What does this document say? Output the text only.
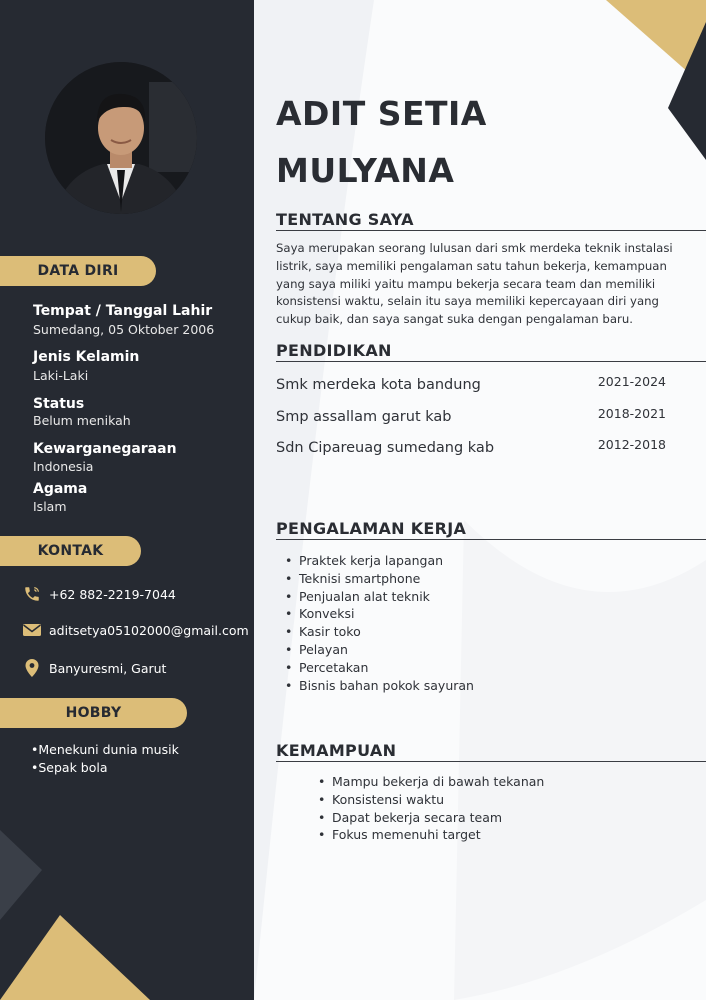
DATA DIRI
Tempat / Tanggal Lahir
Sumedang, 05 Oktober 2006
Jenis Kelamin
Laki-Laki
Status
Belum menikah
Kewarganegaraan
Indonesia
Agama
Islam
KONTAK
+62 882-2219-7044
aditsetya05102000@gmail.com
Banyuresmi, Garut
HOBBY
•Menekuni dunia musik
•Sepak bola
ADIT SETIA
MULYANA
TENTANG SAYA
Saya merupakan seorang lulusan dari smk merdeka teknik instalasi listrik, saya memiliki pengalaman satu tahun bekerja, kemampuan yang saya miliki yaitu mampu bekerja secara team dan memiliki konsistensi waktu, selain itu saya memiliki kepercayaan diri yang cukup baik, dan saya sangat suka dengan pengalaman baru.
PENDIDIKAN
Smk merdeka kota bandung	2021-2024
Smp assallam garut kab	2018-2021
Sdn Cipareuag sumedang kab	2012-2018
PENGALAMAN KERJA
• Praktek kerja lapangan
• Teknisi smartphone
• Penjualan alat teknik
• Konveksi
• Kasir toko
• Pelayan
• Percetakan
• Bisnis bahan pokok sayuran
KEMAMPUAN
• Mampu bekerja di bawah tekanan
• Konsistensi waktu
• Dapat bekerja secara team
• Fokus memenuhi target
